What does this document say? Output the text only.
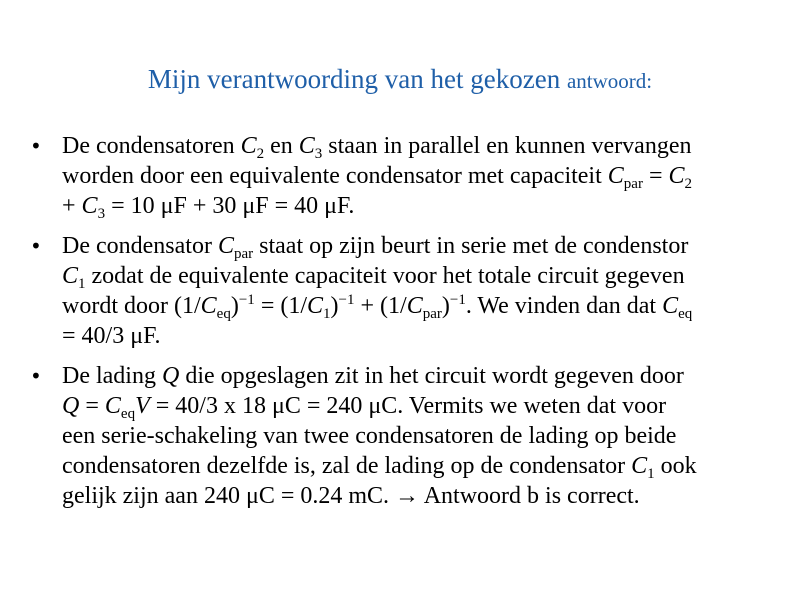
Mijn verantwoording van het gekozen antwoord:
• De condensatoren $C_2$ en $C_3$ staan in parallel en kunnen vervangen
worden door een equivalente condensator met capaciteit $C_{par} = C_2$
+ $C_3 = 10$ μF + 30 μF = 40 μF.
• De condensator $C_{par}$ staat op zijn beurt in serie met de condenstor
$C_1$ zodat de equivalente capaciteit voor het totale circuit gegeven
wordt door $(1/C_{eq})^{-1} = (1/C_1)^{-1} + (1/C_{par})^{-1}$. We vinden dan dat $C_{eq}$
= 40/3 μF.
• De lading Q die opgeslagen zit in het circuit wordt gegeven door
$Q = C_{eq}V = 40/3$ x 18 μC = 240 μC. Vermits we weten dat voor
een serie-schakeling van twee condensatoren de lading op beide
condensatoren dezelfde is, zal de lading op de condensator $C_1$ ook
gelijk zijn aan 240 μC = 0.24 mC. → Antwoord b is correct.
